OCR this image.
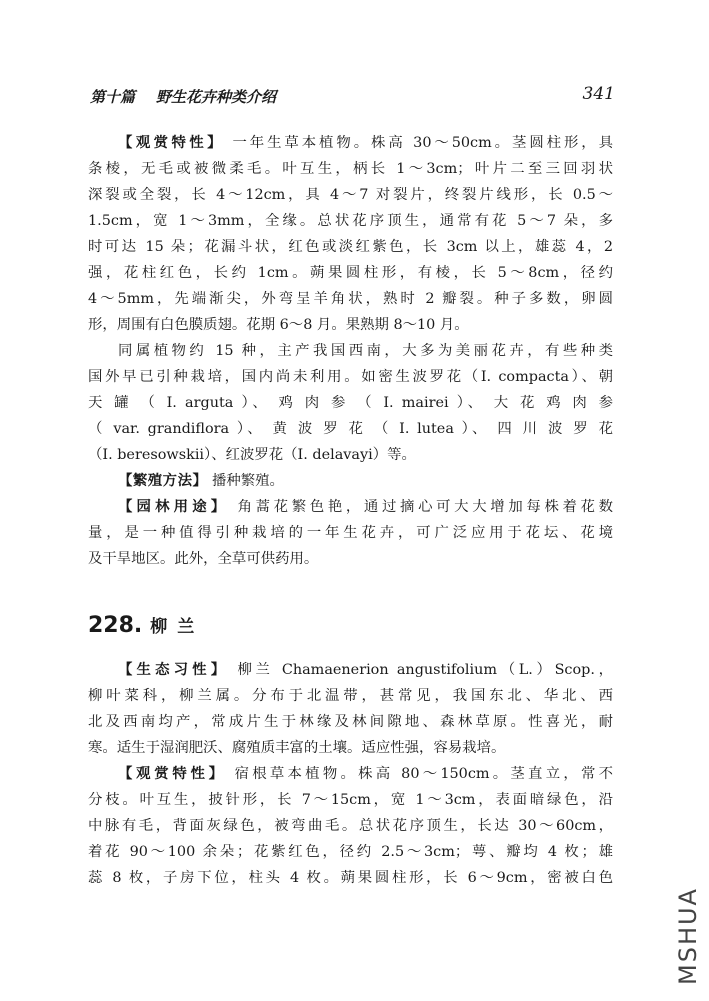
第十篇 野生花卉种类介绍	341
【观赏特性】 一年生草本植物。株高 30～50cm。茎圆柱形，具
条棱，无毛或被微柔毛。叶互生，柄长 1～3cm；叶片二至三回羽状
深裂或全裂，长 4～12cm，具 4～7 对裂片，终裂片线形，长 0.5～
1.5cm，宽 1～3mm，全缘。总状花序顶生，通常有花 5～7 朵，多
时可达 15 朵；花漏斗状，红色或淡红紫色，长 3cm 以上，雄蕊 4，2
强，花柱红色，长约 1cm。蒴果圆柱形，有棱，长 5～8cm，径约
4～5mm，先端渐尖，外弯呈羊角状，熟时 2 瓣裂。种子多数，卵圆
形，周围有白色膜质翅。花期 6～8 月。果熟期 8～10 月。
同属植物约 15 种，主产我国西南，大多为美丽花卉，有些种类
国外早已引种栽培，国内尚未利用。如密生波罗花（I. compacta）、朝
天 罐 （ I. arguta ）、 鸡 肉 参 （ I. mairei ）、 大 花 鸡 肉 参
（ var. grandiflora ）、 黄 波 罗 花 （ I. lutea ）、 四 川 波 罗 花
（I. beresowskii）、红波罗花（I. delavayi）等。
【繁殖方法】 播种繁殖。
【园林用途】 角蒿花繁色艳，通过摘心可大大增加每株着花数
量，是一种值得引种栽培的一年生花卉，可广泛应用于花坛、花境
及干旱地区。此外，全草可供药用。
228. 柳兰
【生态习性】 柳兰 Chamaenerion angustifolium（L.）Scop.，
柳叶菜科，柳兰属。分布于北温带，甚常见，我国东北、华北、西
北及西南均产，常成片生于林缘及林间隙地、森林草原。性喜光，耐
寒。适生于湿润肥沃、腐殖质丰富的土壤。适应性强，容易栽培。
【观赏特性】 宿根草本植物。株高 80～150cm。茎直立，常不
分枝。叶互生，披针形，长 7～15cm，宽 1～3cm，表面暗绿色，沿
中脉有毛，背面灰绿色，被弯曲毛。总状花序顶生，长达 30～60cm，
着花 90～100 余朵；花紫红色，径约 2.5～3cm；萼、瓣均 4 枚；雄
蕊 8 枚，子房下位，柱头 4 枚。蒴果圆柱形，长 6～9cm，密被白色
MSHUA
